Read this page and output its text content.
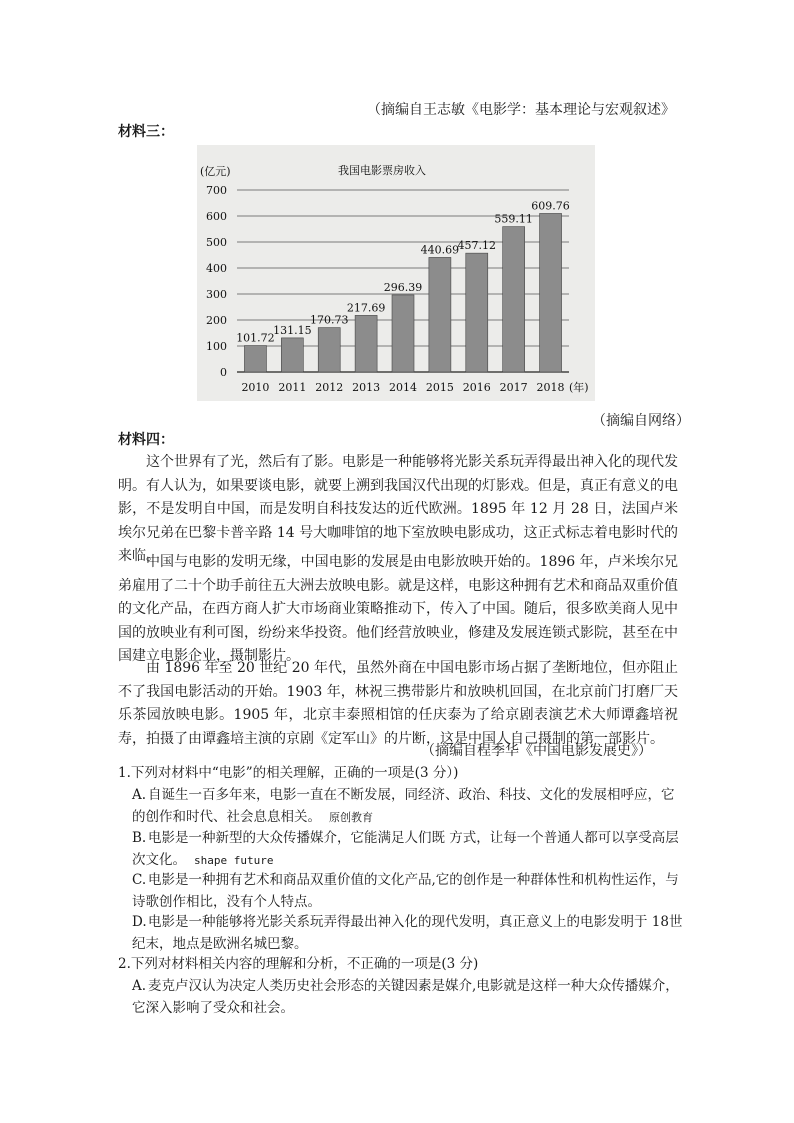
（摘编自王志敏《电影学：基本理论与宏观叙述》
材料三：
0
100
200
300
400
500
600
700
101.72
2010
131.15
2011
170.73
2012
217.69
2013
296.39
2014
440.69
2015
457.12
2016
559.11
2017
609.76
2018
我国电影票房收入
(亿元)
(年)
（摘编自网络）
材料四：
这个世界有了光，然后有了影。电影是一种能够将光影关系玩弄得最出神入化的现代发明。有人认为，如果要谈电影，就要上溯到我国汉代出现的灯影戏。但是，真正有意义的电影，不是发明自中国，而是发明自科技发达的近代欧洲。1895 年 12 月 28 日，法国卢米埃尔兄弟在巴黎卡普辛路 14 号大咖啡馆的地下室放映电影成功，这正式标志着电影时代的来临。
中国与电影的发明无缘，中国电影的发展是由电影放映开始的。1896 年，卢米埃尔兄弟雇用了二十个助手前往五大洲去放映电影。就是这样，电影这种拥有艺术和商品双重价值的文化产品，在西方商人扩大市场商业策略推动下，传入了中国。随后，很多欧美商人见中国的放映业有利可图，纷纷来华投资。他们经营放映业，修建及发展连锁式影院，甚至在中国建立电影企业，摄制影片。
由 1896 年至 20 世纪 20 年代，虽然外商在中国电影市场占据了垄断地位，但亦阻止不了我国电影活动的开始。1903 年，林祝三携带影片和放映机回国，在北京前门打磨厂天乐茶园放映电影。1905 年，北京丰泰照相馆的任庆泰为了给京剧表演艺术大师谭鑫培祝寿，拍摄了由谭鑫培主演的京剧《定军山》的片断，这是中国人自己摄制的第一部影片。
（摘编自程季华《中国电影发展史》）
1.下列对材料中“电影”的相关理解，正确的一项是(3 分）)
A. 自诞生一百多年来，电影一直在不断发展，同经济、政治、科技、文化的发展相呼应，它的创作和时代、社会息息相关。 原创教育
B. 电影是一种新型的大众传播媒介，它能满足人们既 方式，让每一个普通人都可以享受高层次文化。 shape future
C. 电影是一种拥有艺术和商品双重价值的文化产品,它的创作是一种群体性和机构性运作，与诗歌创作相比，没有个人特点。
D.电影是一种能够将光影关系玩弄得最出神入化的现代发明，真正意义上的电影发明于 18世纪末，地点是欧洲名城巴黎。
2.下列对材料相关内容的理解和分析，不正确的一项是(3 分)
A. 麦克卢汉认为决定人类历史社会形态的关键因素是媒介,电影就是这样一种大众传播媒介，它深入影响了受众和社会。
